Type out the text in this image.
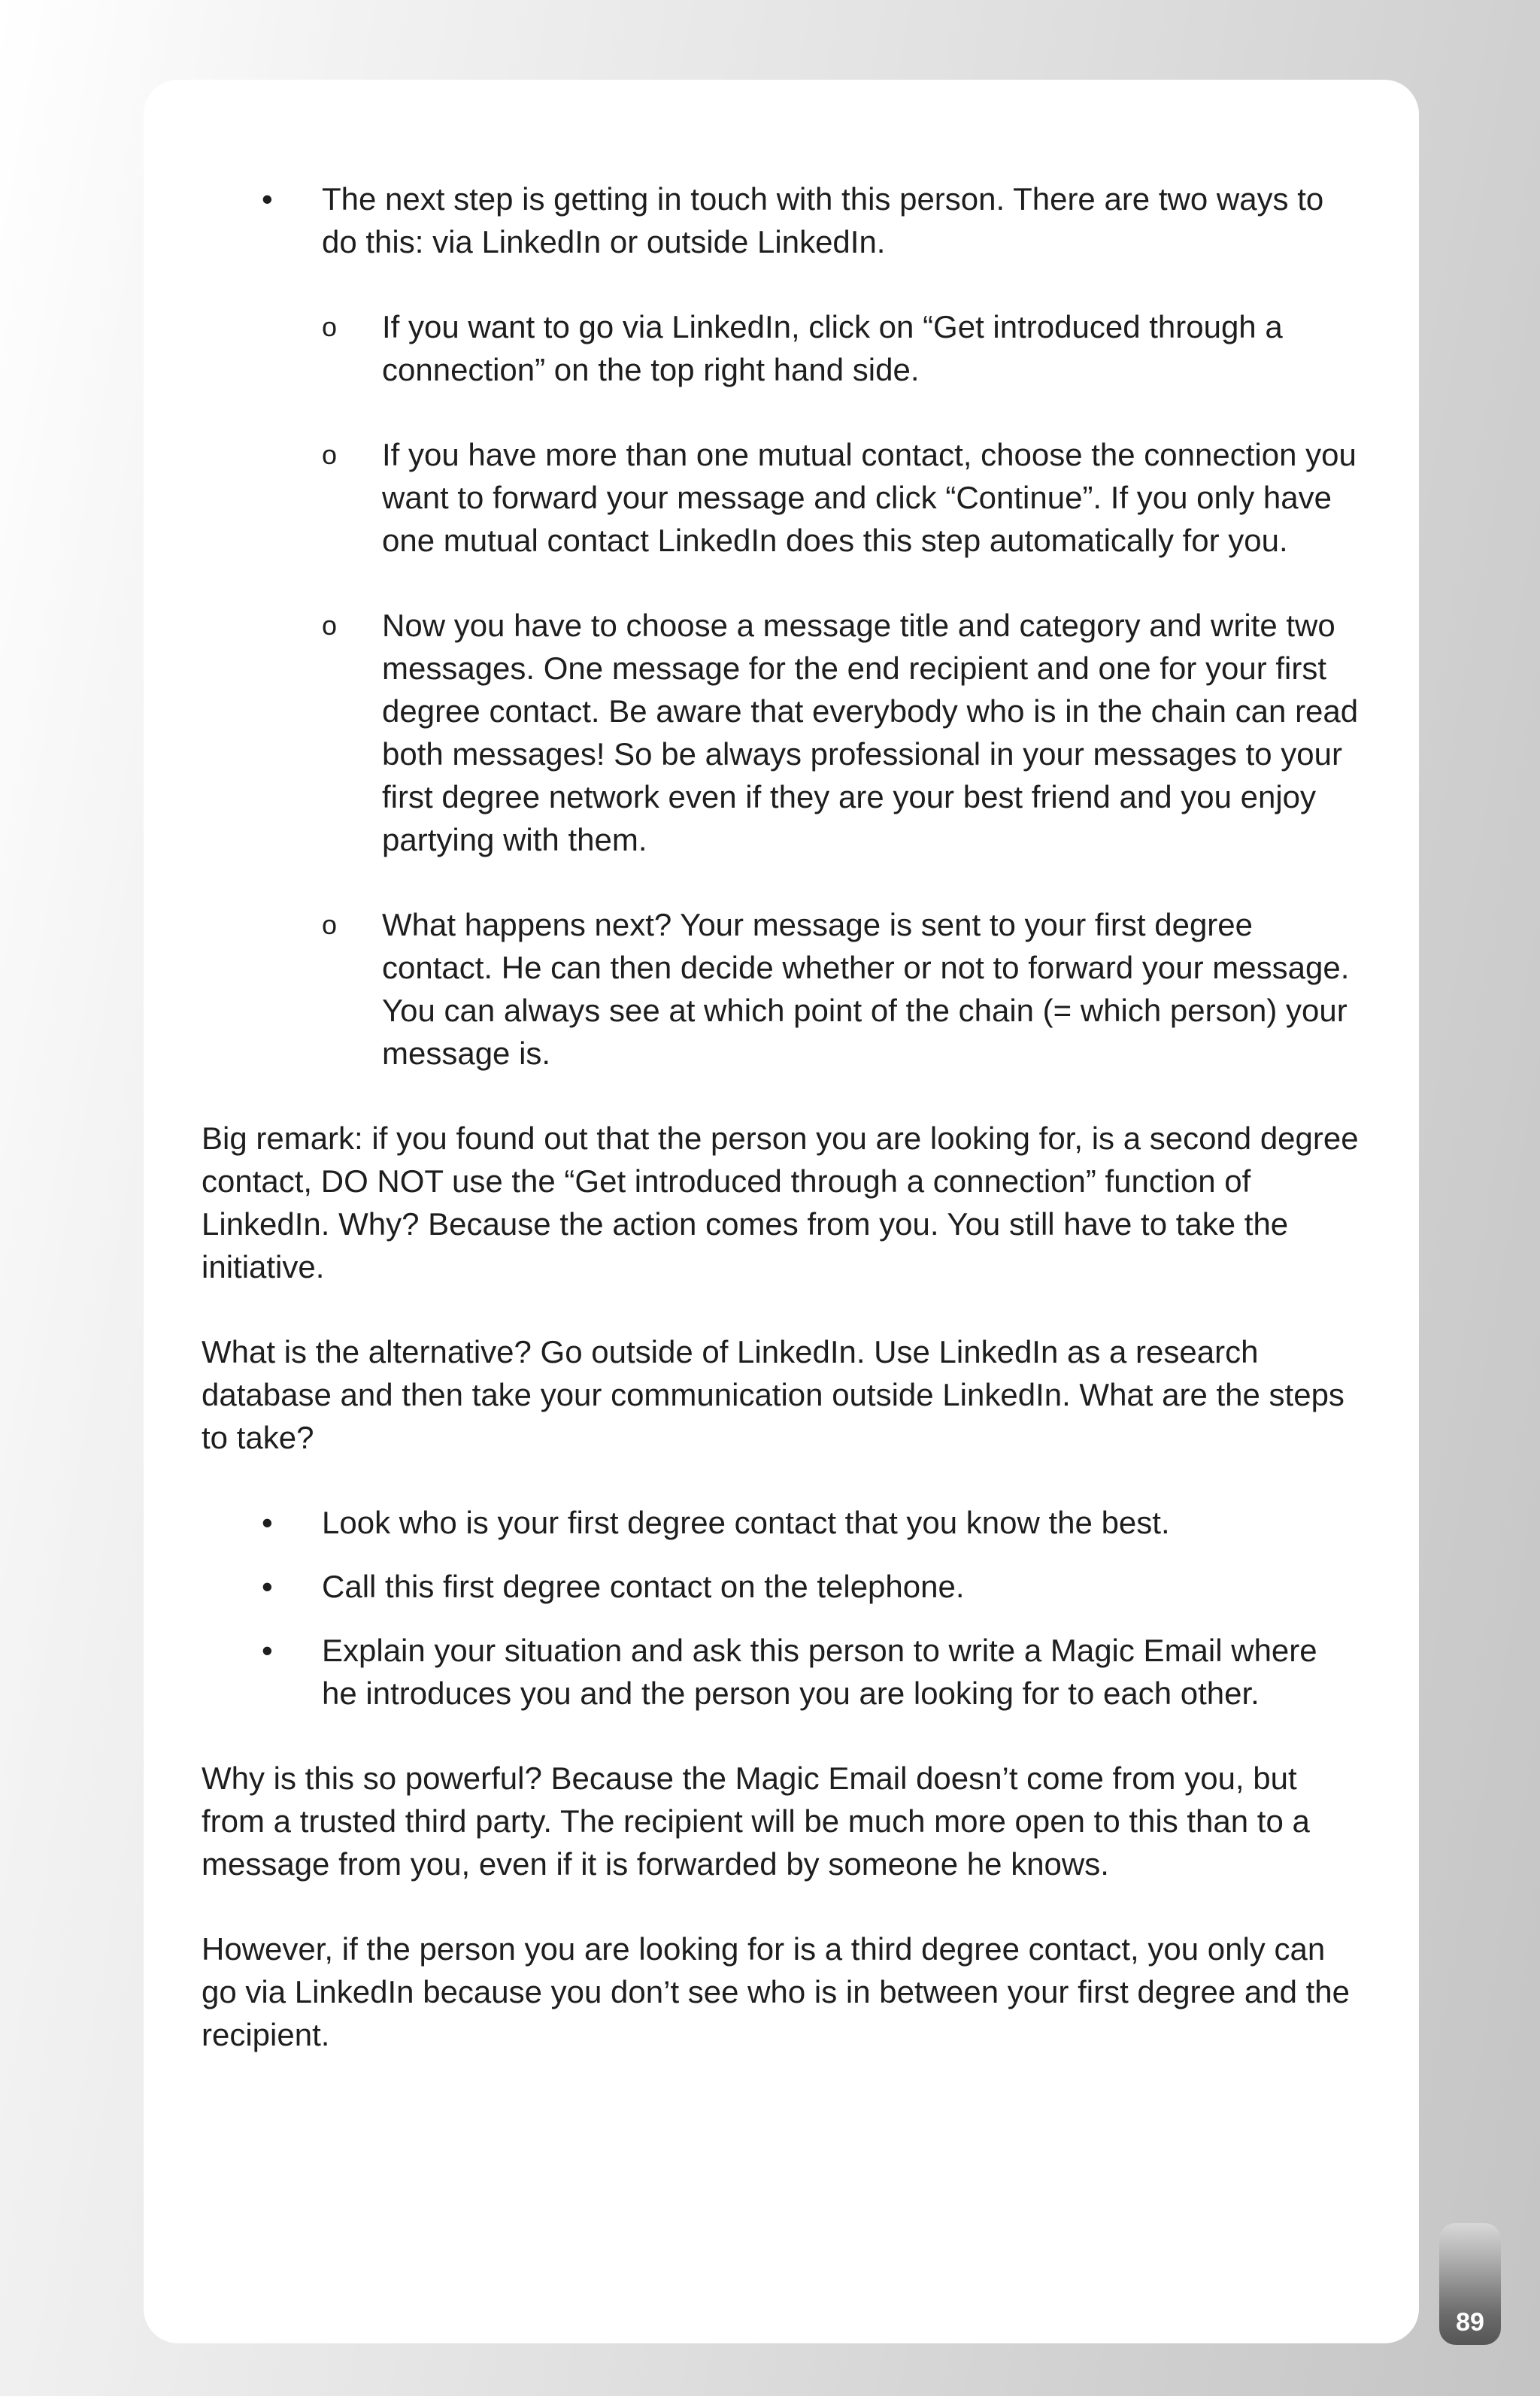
•	The next step is getting in touch with this person. There are two ways to do this: via LinkedIn or outside LinkedIn.
o If you want to go via LinkedIn, click on “Get introduced through a connection” on the top right hand side.
o If you have more than one mutual contact, choose the connection you want to forward your message and click “Continue”. If you only have one mutual contact LinkedIn does this step automatically for you.
o Now you have to choose a message title and category and write two messages. One message for the end recipient and one for your first degree contact. Be aware that everybody who is in the chain can read both messages! So be always professional in your messages to your first degree network even if they are your best friend and you enjoy partying with them.
o What happens next? Your message is sent to your first degree contact. He can then decide whether or not to forward your message. You can always see at which point of the chain (= which person) your message is.
Big remark: if you found out that the person you are looking for, is a second degree contact, DO NOT use the “Get introduced through a connection” function of LinkedIn. Why? Because the action comes from you. You still have to take the initiative.
What is the alternative? Go outside of LinkedIn. Use LinkedIn as a research database and then take your communication outside LinkedIn. What are the steps to take?
•	Look who is your first degree contact that you know the best.
•	Call this first degree contact on the telephone.
•	Explain your situation and ask this person to write a Magic Email where he introduces you and the person you are looking for to each other.
Why is this so powerful? Because the Magic Email doesn’t come from you, but from a trusted third party. The recipient will be much more open to this than to a message from you, even if it is forwarded by someone he knows.
However, if the person you are looking for is a third degree contact, you only can go via LinkedIn because you don’t see who is in between your first degree and the recipient.
89
